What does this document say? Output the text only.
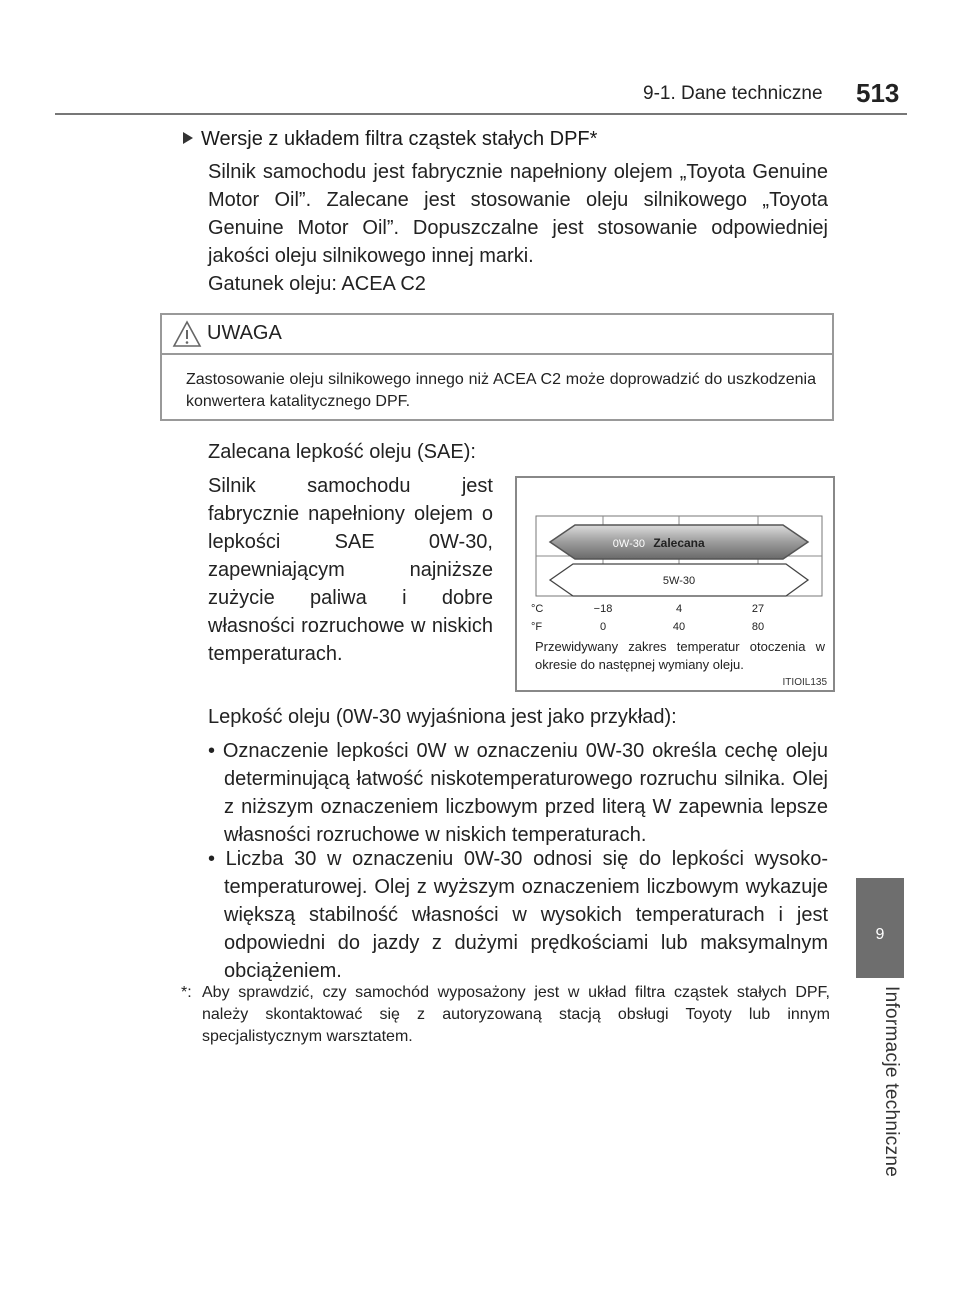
9-1. Dane techniczne 513
9
Informacje techniczne
Wersje z układem filtra cząstek stałych DPF*

Silnik samochodu jest fabrycznie napełniony olejem „Toyota Genuine Motor Oil”. Zalecane jest stosowanie oleju silnikowego „Toyota Genuine Motor Oil”. Dopuszczalne jest stosowanie odpowiedniej jakości oleju silnikowego innej marki.

Gatunek oleju: ACEA C2

UWAGA

Zastosowanie oleju silnikowego innego niż ACEA C2 może doprowadzić do uszkodzenia konwertera katalitycznego DPF.

Zalecana lepkość oleju (SAE):

Silnik samochodu jest fabrycznie napełniony olejem o lepkości SAE 0W-30, zapewniającym najniższe zużycie paliwa i dobre własności rozruchowe w niskich temperaturach.

0W-30 Zalecana
5W-30
°C	−18	4	27
°F	0	40	80

Przewidywany zakres temperatur otoczenia w okresie do następnej wymiany oleju.

ITIOIL135

Lepkość oleju (0W-30 wyjaśniona jest jako przykład):

• Oznaczenie lepkości 0W w oznaczeniu 0W-30 określa cechę oleju determinującą łatwość niskotemperaturowego rozruchu silnika. Olej z niższym oznaczeniem liczbowym przed literą W zapewnia lepsze własności rozruchowe w niskich temperaturach.

• Liczba 30 w oznaczeniu 0W-30 odnosi się do lepkości wysoko-temperaturowej. Olej z wyższym oznaczeniem liczbowym wykazuje większą stabilność własności w wysokich temperaturach i jest odpowiedni do jazdy z dużymi prędkościami lub maksymalnym obciążeniem.

*: Aby sprawdzić, czy samochód wyposażony jest w układ filtra cząstek stałych DPF, należy skontaktować się z autoryzowaną stacją obsługi Toyoty lub innym specjalistycznym warsztatem.
